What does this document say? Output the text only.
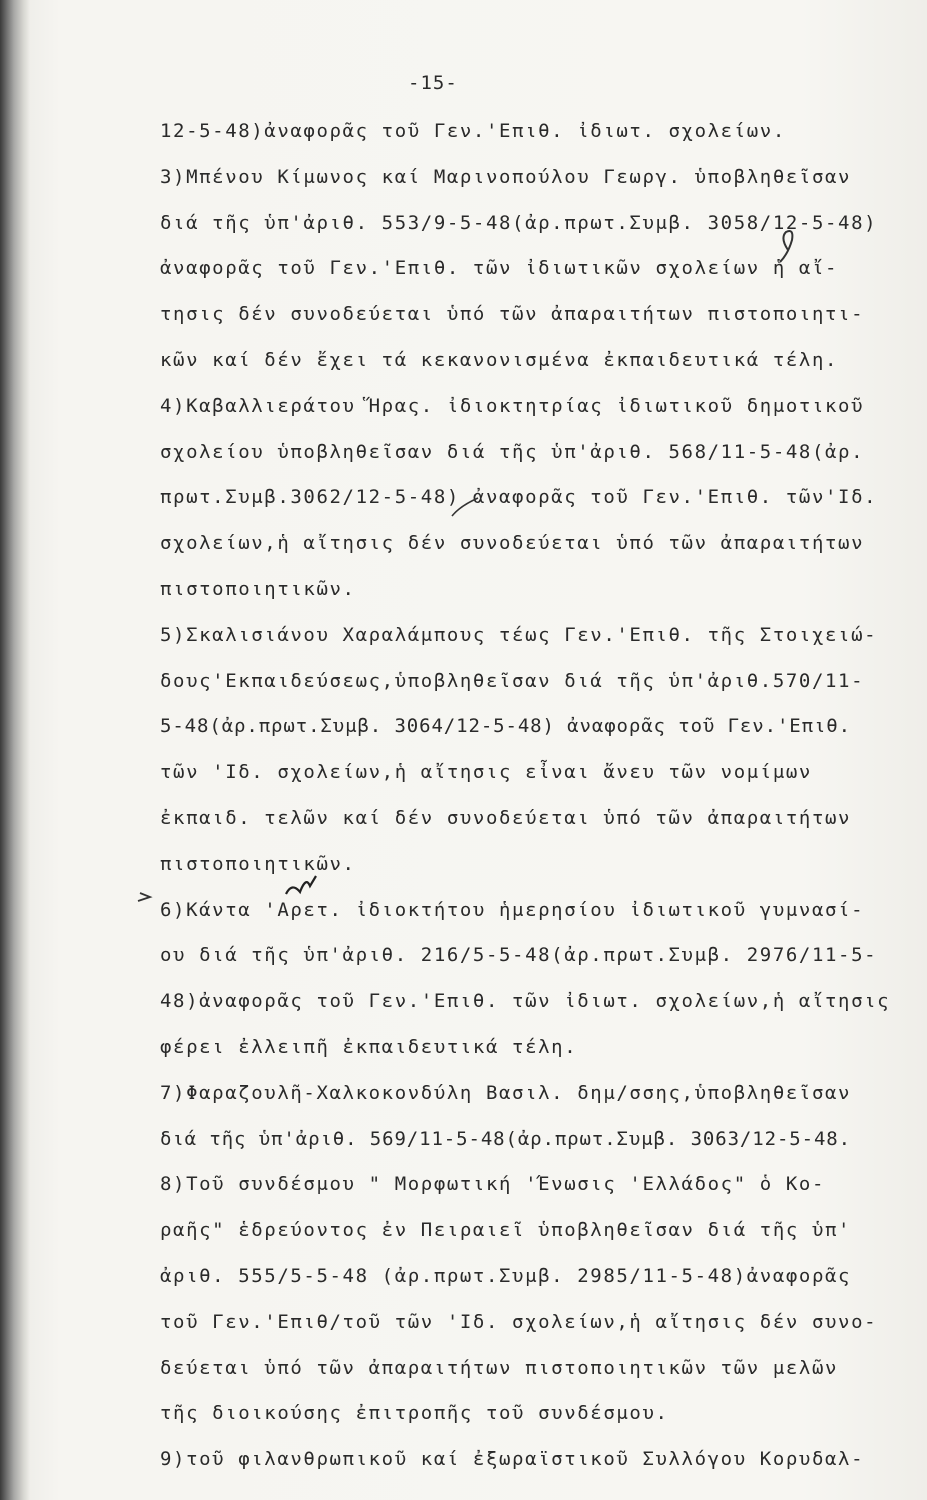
-15-
12-5-48)ἀναφορᾶς τοῦ Γεν.'Επιθ. ἰδιωτ. σχολείων.
3)Μπένου Κίμωνος καί Μαρινοπούλου Γεωργ. ὑποβληθεῖσαν
διά τῆς ὑπ'ἀριθ. 553/9-5-48(ἀρ.πρωτ.Συμβ. 3058/12-5-48)
ἀναφορᾶς τοῦ Γεν.'Επιθ. τῶν ἰδιωτικῶν σχολείων ἡ αἴ-
τησις δέν συνοδεύεται ὑπό τῶν ἀπαραιτήτων πιστοποιητι-
κῶν καί δέν ἔχει τά κεκανονισμένα ἐκπαιδευτικά τέλη.
4)Καβαλλιεράτου Ἥρας. ἰδιοκτητρίας ἰδιωτικοῦ δημοτικοῦ
σχολείου ὑποβληθεῖσαν διά τῆς ὑπ'ἀριθ. 568/11-5-48(ἀρ.
πρωτ.Συμβ.3062/12-5-48) ἀναφορᾶς τοῦ Γεν.'Επιθ. τῶν'Ιδ.
σχολείων,ἡ αἴτησις δέν συνοδεύεται ὑπό τῶν ἀπαραιτήτων
πιστοποιητικῶν.
5)Σκαλισιάνου Χαραλάμπους τέως Γεν.'Επιθ. τῆς Στοιχειώ-
δους'Εκπαιδεύσεως,ὑποβληθεῖσαν διά τῆς ὑπ'ἀριθ.570/11-
5-48(ἀρ.πρωτ.Συμβ. 3064/12-5-48) ἀναφορᾶς τοῦ Γεν.'Επιθ.
τῶν 'Ιδ. σχολείων,ἡ αἴτησις εἶναι ἄνευ τῶν νομίμων
ἐκπαιδ. τελῶν καί δέν συνοδεύεται ὑπό τῶν ἀπαραιτήτων
πιστοποιητικῶν.
6)Κάντα 'Αρετ. ἰδιοκτήτου ἡμερησίου ἰδιωτικοῦ γυμνασί-
ου διά τῆς ὑπ'ἀριθ. 216/5-5-48(ἀρ.πρωτ.Συμβ. 2976/11-5-
48)ἀναφορᾶς τοῦ Γεν.'Επιθ. τῶν ἰδιωτ. σχολείων,ἡ αἴτησις
φέρει ἐλλειπῆ ἐκπαιδευτικά τέλη.
7)Φαραζουλῆ-Χαλκοκονδύλη Βασιλ. δημ/σσης,ὑποβληθεῖσαν
διά τῆς ὑπ'ἀριθ. 569/11-5-48(ἀρ.πρωτ.Συμβ. 3063/12-5-48.
8)Τοῦ συνδέσμου " Μορφωτική 'Ένωσις 'Ελλάδος" ὁ Κο-
ραῆς" ἑδρεύοντος ἐν Πειραιεῖ ὑποβληθεῖσαν διά τῆς ὑπ'
ἀριθ. 555/5-5-48 (ἀρ.πρωτ.Συμβ. 2985/11-5-48)ἀναφορᾶς
τοῦ Γεν.'Επιθ/τοῦ τῶν 'Ιδ. σχολείων,ἡ αἴτησις δέν συνο-
δεύεται ὑπό τῶν ἀπαραιτήτων πιστοποιητικῶν τῶν μελῶν
τῆς διοικούσης ἐπιτροπῆς τοῦ συνδέσμου.
9)τοῦ φιλανθρωπικοῦ καί ἐξωραϊστικοῦ Συλλόγου Κορυδαλ-
